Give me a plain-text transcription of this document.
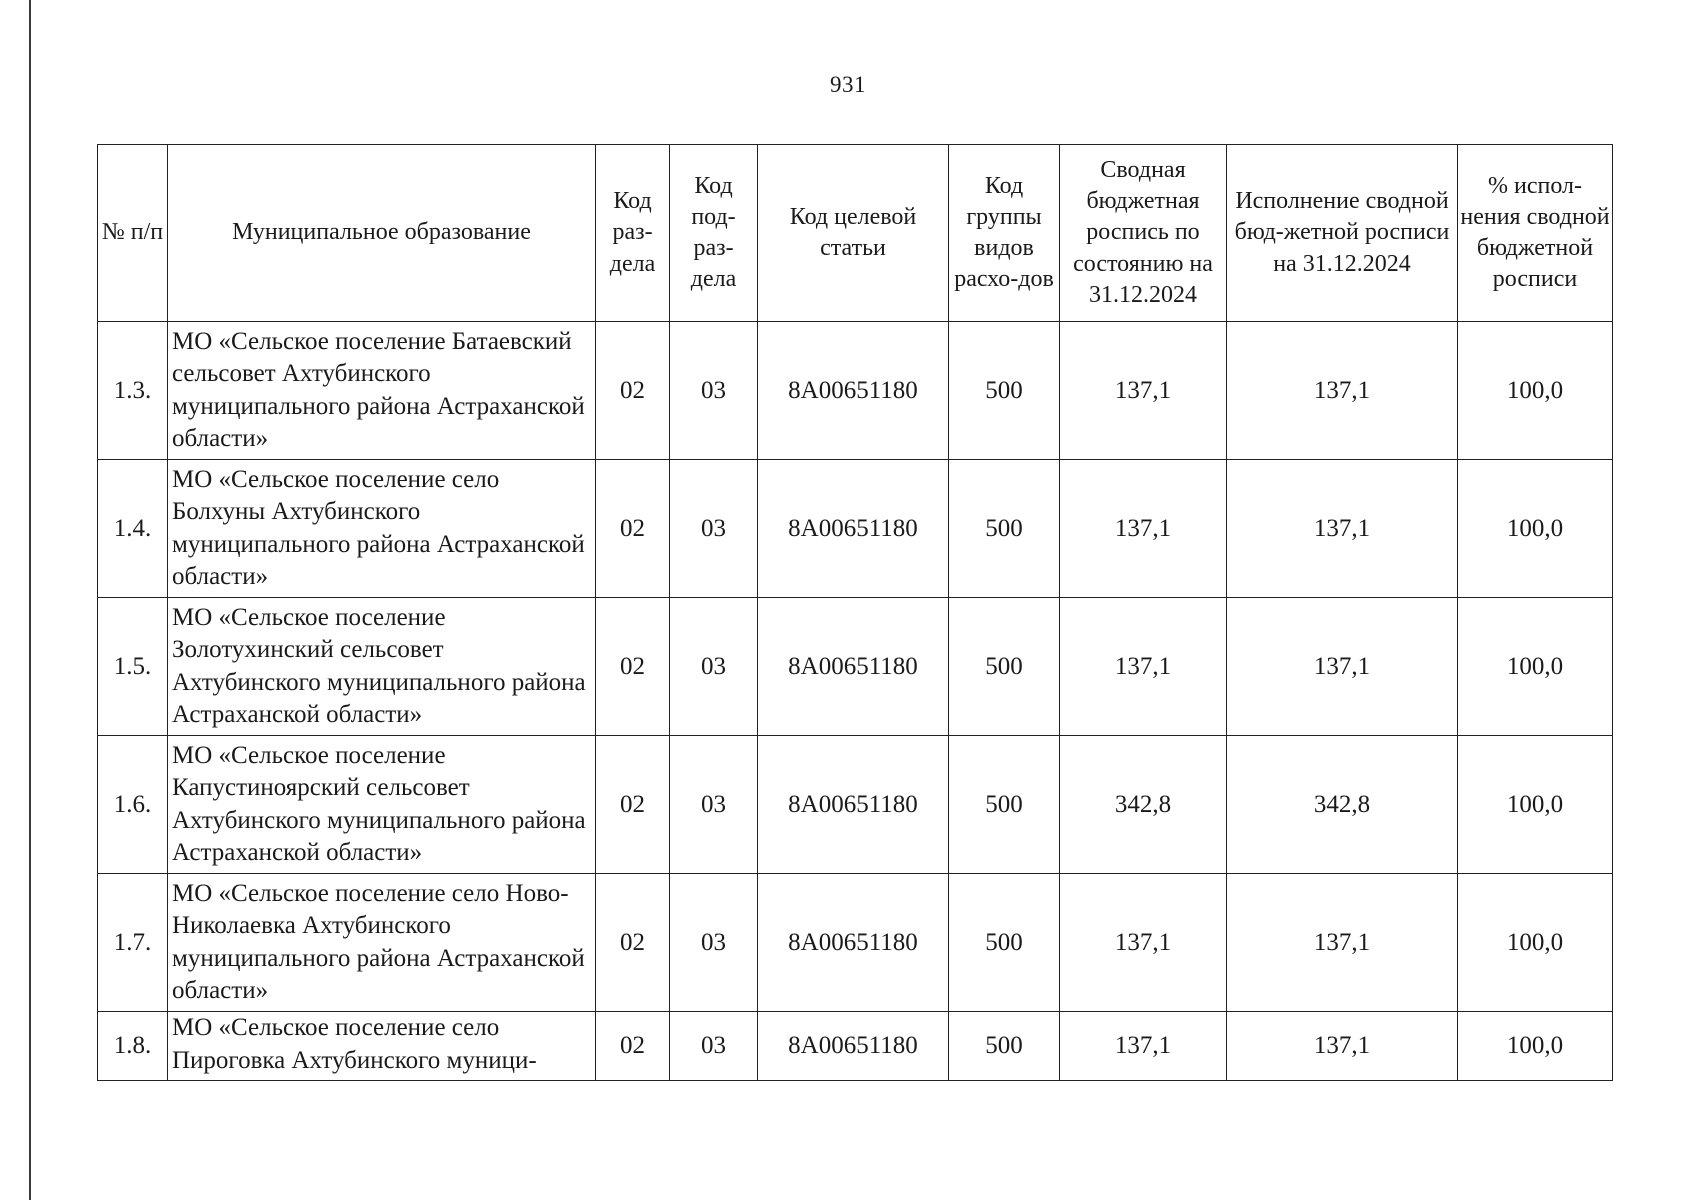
931
№ п/п	Муниципальное образование	Код раз-дела	Код под-раз-дела	Код целевой статьи	Код группы видов расхо-дов	Сводная бюджетная роспись по состоянию на 31.12.2024	Исполнение сводной бюд-жетной росписи на 31.12.2024	% испол-нения сводной бюджетной росписи
1.3.	МО «Сельское поселение Батаевский сельсовет Ахтубинского муниципального района Астраханской области»	02	03	8А00651180	500	137,1	137,1	100,0
1.4.	МО «Сельское поселение село Болхуны Ахтубинского муниципального района Астраханской области»	02	03	8А00651180	500	137,1	137,1	100,0
1.5.	МО «Сельское поселение Золотухинский сельсовет Ахтубинского муниципального района Астраханской области»	02	03	8А00651180	500	137,1	137,1	100,0
1.6.	МО «Сельское поселение Капустиноярский сельсовет Ахтубинского муниципального района Астраханской области»	02	03	8А00651180	500	342,8	342,8	100,0
1.7.	МО «Сельское поселение село Ново-Николаевка Ахтубинского муниципального района Астраханской области»	02	03	8А00651180	500	137,1	137,1	100,0
1.8.	МО «Сельское поселение село Пироговка Ахтубинского муници-	02	03	8А00651180	500	137,1	137,1	100,0
